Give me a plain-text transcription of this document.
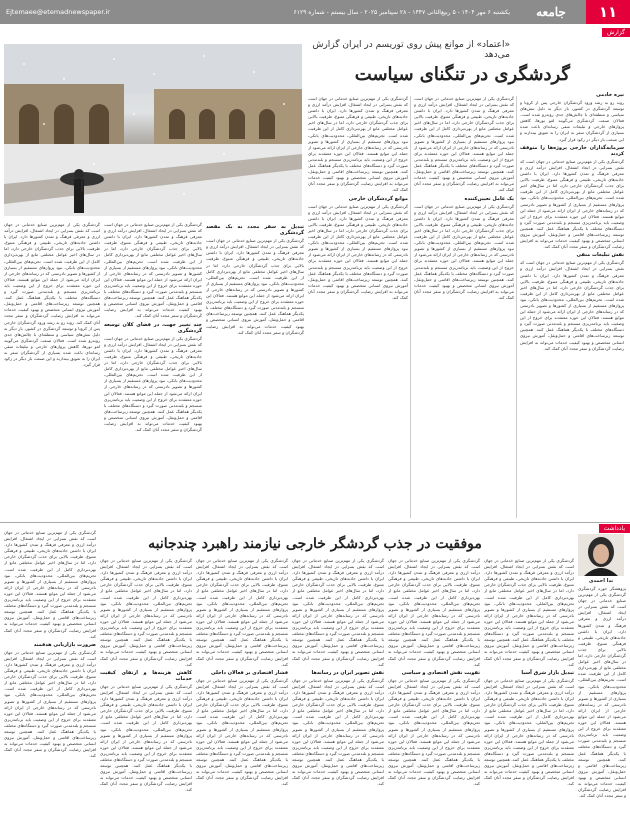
۱۱
جامعه
یکشنبه ۶ مهر ۱۴۰۴ - ۵ ربیع‌الثانی ۱۴۴۷ - ۲۸ سپتامبر ۲۰۲۵ - سال بیستم - شماره ۶۱۲۹
Ejtemaee@etemadnewspaper.ir
گزارش
«اعتماد» از موانع پیش روی توریسم در ایران گزارش می‌دهد
گردشگری در تنگنای سیاست
نیره خادمی
روند رو به رشد ورود گردشگران خارجی پس از کرونا و توسعه گردشگری در کشور، بار دیگر به دلیل تنش‌های سیاسی و منطقه‌ای با چالش‌های جدی روبه‌رو شده است. فعالان صنعت گردشگری می‌گویند لغو تورها، کاهش پروازهای خارجی و تبلیغات منفی رسانه‌ای باعث شده بسیاری از گردشگران سفر به ایران را به تعویق بیندازند و این صنعت بار دیگر در رکود قرار گیرد.
سرمایه‌گذاران خارجی پروژه‌ها را متوقف کردند
گردشگری یکی از مهم‌ترین صنایع خدماتی در جهان است که نقش بسزایی در ایجاد اشتغال، افزایش درآمد ارزی و معرفی فرهنگ و تمدن کشورها دارد. ایران با داشتن جاذبه‌های تاریخی، طبیعی و فرهنگی متنوع، ظرفیت بالایی برای جذب گردشگران خارجی دارد، اما در سال‌های اخیر عوامل مختلفی مانع از بهره‌برداری کامل از این ظرفیت شده است. تحریم‌های بین‌المللی، محدودیت‌های بانکی، نبود پروازهای مستقیم از بسیاری از کشورها و تصویر نادرستی که در رسانه‌های خارجی از ایران ارائه می‌شود از جمله این موانع هستند. فعالان این حوزه معتقدند برای خروج از این وضعیت باید برنامه‌ریزی منسجم و بلندمدتی صورت گیرد و دستگاه‌های مختلف با یکدیگر هماهنگ عمل کنند. همچنین توسعه زیرساخت‌های اقامتی و حمل‌ونقل، آموزش نیروی انسانی متخصص و بهبود کیفیت خدمات می‌تواند به افزایش رضایت گردشگران و سفر مجدد آنان کمک کند.
نقش تبلیغات منفی
گردشگری یکی از مهم‌ترین صنایع خدماتی در جهان است که نقش بسزایی در ایجاد اشتغال، افزایش درآمد ارزی و معرفی فرهنگ و تمدن کشورها دارد. ایران با داشتن جاذبه‌های تاریخی، طبیعی و فرهنگی متنوع، ظرفیت بالایی برای جذب گردشگران خارجی دارد، اما در سال‌های اخیر عوامل مختلفی مانع از بهره‌برداری کامل از این ظرفیت شده است. تحریم‌های بین‌المللی، محدودیت‌های بانکی، نبود پروازهای مستقیم از بسیاری از کشورها و تصویر نادرستی که در رسانه‌های خارجی از ایران ارائه می‌شود از جمله این موانع هستند. فعالان این حوزه معتقدند برای خروج از این وضعیت باید برنامه‌ریزی منسجم و بلندمدتی صورت گیرد و دستگاه‌های مختلف با یکدیگر هماهنگ عمل کنند. همچنین توسعه زیرساخت‌های اقامتی و حمل‌ونقل، آموزش نیروی انسانی متخصص و بهبود کیفیت خدمات می‌تواند به افزایش رضایت گردشگران و سفر مجدد آنان کمک کند.
گردشگری یکی از مهم‌ترین صنایع خدماتی در جهان است که نقش بسزایی در ایجاد اشتغال، افزایش درآمد ارزی و معرفی فرهنگ و تمدن کشورها دارد. ایران با داشتن جاذبه‌های تاریخی، طبیعی و فرهنگی متنوع، ظرفیت بالایی برای جذب گردشگران خارجی دارد، اما در سال‌های اخیر عوامل مختلفی مانع از بهره‌برداری کامل از این ظرفیت شده است. تحریم‌های بین‌المللی، محدودیت‌های بانکی، نبود پروازهای مستقیم از بسیاری از کشورها و تصویر نادرستی که در رسانه‌های خارجی از ایران ارائه می‌شود از جمله این موانع هستند. فعالان این حوزه معتقدند برای خروج از این وضعیت باید برنامه‌ریزی منسجم و بلندمدتی صورت گیرد و دستگاه‌های مختلف با یکدیگر هماهنگ عمل کنند. همچنین توسعه زیرساخت‌های اقامتی و حمل‌ونقل، آموزش نیروی انسانی متخصص و بهبود کیفیت خدمات می‌تواند به افزایش رضایت گردشگران و سفر مجدد آنان کمک کند.
یک عامل تعیین‌کننده
گردشگری یکی از مهم‌ترین صنایع خدماتی در جهان است که نقش بسزایی در ایجاد اشتغال، افزایش درآمد ارزی و معرفی فرهنگ و تمدن کشورها دارد. ایران با داشتن جاذبه‌های تاریخی، طبیعی و فرهنگی متنوع، ظرفیت بالایی برای جذب گردشگران خارجی دارد، اما در سال‌های اخیر عوامل مختلفی مانع از بهره‌برداری کامل از این ظرفیت شده است. تحریم‌های بین‌المللی، محدودیت‌های بانکی، نبود پروازهای مستقیم از بسیاری از کشورها و تصویر نادرستی که در رسانه‌های خارجی از ایران ارائه می‌شود از جمله این موانع هستند. فعالان این حوزه معتقدند برای خروج از این وضعیت باید برنامه‌ریزی منسجم و بلندمدتی صورت گیرد و دستگاه‌های مختلف با یکدیگر هماهنگ عمل کنند. همچنین توسعه زیرساخت‌های اقامتی و حمل‌ونقل، آموزش نیروی انسانی متخصص و بهبود کیفیت خدمات می‌تواند به افزایش رضایت گردشگران و سفر مجدد آنان کمک کند.
گردشگری یکی از مهم‌ترین صنایع خدماتی در جهان است که نقش بسزایی در ایجاد اشتغال، افزایش درآمد ارزی و معرفی فرهنگ و تمدن کشورها دارد. ایران با داشتن جاذبه‌های تاریخی، طبیعی و فرهنگی متنوع، ظرفیت بالایی برای جذب گردشگران خارجی دارد، اما در سال‌های اخیر عوامل مختلفی مانع از بهره‌برداری کامل از این ظرفیت شده است. تحریم‌های بین‌المللی، محدودیت‌های بانکی، نبود پروازهای مستقیم از بسیاری از کشورها و تصویر نادرستی که در رسانه‌های خارجی از ایران ارائه می‌شود از جمله این موانع هستند. فعالان این حوزه معتقدند برای خروج از این وضعیت باید برنامه‌ریزی منسجم و بلندمدتی صورت گیرد و دستگاه‌های مختلف با یکدیگر هماهنگ عمل کنند. همچنین توسعه زیرساخت‌های اقامتی و حمل‌ونقل، آموزش نیروی انسانی متخصص و بهبود کیفیت خدمات می‌تواند به افزایش رضایت گردشگران و سفر مجدد آنان کمک کند.
موانع گردشگران خارجی
گردشگری یکی از مهم‌ترین صنایع خدماتی در جهان است که نقش بسزایی در ایجاد اشتغال، افزایش درآمد ارزی و معرفی فرهنگ و تمدن کشورها دارد. ایران با داشتن جاذبه‌های تاریخی، طبیعی و فرهنگی متنوع، ظرفیت بالایی برای جذب گردشگران خارجی دارد، اما در سال‌های اخیر عوامل مختلفی مانع از بهره‌برداری کامل از این ظرفیت شده است. تحریم‌های بین‌المللی، محدودیت‌های بانکی، نبود پروازهای مستقیم از بسیاری از کشورها و تصویر نادرستی که در رسانه‌های خارجی از ایران ارائه می‌شود از جمله این موانع هستند. فعالان این حوزه معتقدند برای خروج از این وضعیت باید برنامه‌ریزی منسجم و بلندمدتی صورت گیرد و دستگاه‌های مختلف با یکدیگر هماهنگ عمل کنند. همچنین توسعه زیرساخت‌های اقامتی و حمل‌ونقل، آموزش نیروی انسانی متخصص و بهبود کیفیت خدمات می‌تواند به افزایش رضایت گردشگران و سفر مجدد آنان کمک کند.
تبدیل به سفر مجدد به یک مقصد گردشگری
گردشگری یکی از مهم‌ترین صنایع خدماتی در جهان است که نقش بسزایی در ایجاد اشتغال، افزایش درآمد ارزی و معرفی فرهنگ و تمدن کشورها دارد. ایران با داشتن جاذبه‌های تاریخی، طبیعی و فرهنگی متنوع، ظرفیت بالایی برای جذب گردشگران خارجی دارد، اما در سال‌های اخیر عوامل مختلفی مانع از بهره‌برداری کامل از این ظرفیت شده است. تحریم‌های بین‌المللی، محدودیت‌های بانکی، نبود پروازهای مستقیم از بسیاری از کشورها و تصویر نادرستی که در رسانه‌های خارجی از ایران ارائه می‌شود از جمله این موانع هستند. فعالان این حوزه معتقدند برای خروج از این وضعیت باید برنامه‌ریزی منسجم و بلندمدتی صورت گیرد و دستگاه‌های مختلف با یکدیگر هماهنگ عمل کنند. همچنین توسعه زیرساخت‌های اقامتی و حمل‌ونقل، آموزش نیروی انسانی متخصص و بهبود کیفیت خدمات می‌تواند به افزایش رضایت گردشگران و سفر مجدد آنان کمک کند.
گردشگری یکی از مهم‌ترین صنایع خدماتی در جهان است که نقش بسزایی در ایجاد اشتغال، افزایش درآمد ارزی و معرفی فرهنگ و تمدن کشورها دارد. ایران با داشتن جاذبه‌های تاریخی، طبیعی و فرهنگی متنوع، ظرفیت بالایی برای جذب گردشگران خارجی دارد، اما در سال‌های اخیر عوامل مختلفی مانع از بهره‌برداری کامل از این ظرفیت شده است. تحریم‌های بین‌المللی، محدودیت‌های بانکی، نبود پروازهای مستقیم از بسیاری از کشورها و تصویر نادرستی که در رسانه‌های خارجی از ایران ارائه می‌شود از جمله این موانع هستند. فعالان این حوزه معتقدند برای خروج از این وضعیت باید برنامه‌ریزی منسجم و بلندمدتی صورت گیرد و دستگاه‌های مختلف با یکدیگر هماهنگ عمل کنند. همچنین توسعه زیرساخت‌های اقامتی و حمل‌ونقل، آموزش نیروی انسانی متخصص و بهبود کیفیت خدمات می‌تواند به افزایش رضایت گردشگران و سفر مجدد آنان کمک کند.
چند تغییر جهت، در فضای کلان توسعه گردشگری
گردشگری یکی از مهم‌ترین صنایع خدماتی در جهان است که نقش بسزایی در ایجاد اشتغال، افزایش درآمد ارزی و معرفی فرهنگ و تمدن کشورها دارد. ایران با داشتن جاذبه‌های تاریخی، طبیعی و فرهنگی متنوع، ظرفیت بالایی برای جذب گردشگران خارجی دارد، اما در سال‌های اخیر عوامل مختلفی مانع از بهره‌برداری کامل از این ظرفیت شده است. تحریم‌های بین‌المللی، محدودیت‌های بانکی، نبود پروازهای مستقیم از بسیاری از کشورها و تصویر نادرستی که در رسانه‌های خارجی از ایران ارائه می‌شود از جمله این موانع هستند. فعالان این حوزه معتقدند برای خروج از این وضعیت باید برنامه‌ریزی منسجم و بلندمدتی صورت گیرد و دستگاه‌های مختلف با یکدیگر هماهنگ عمل کنند. همچنین توسعه زیرساخت‌های اقامتی و حمل‌ونقل، آموزش نیروی انسانی متخصص و بهبود کیفیت خدمات می‌تواند به افزایش رضایت گردشگران و سفر مجدد آنان کمک کند.
گردشگری یکی از مهم‌ترین صنایع خدماتی در جهان است که نقش بسزایی در ایجاد اشتغال، افزایش درآمد ارزی و معرفی فرهنگ و تمدن کشورها دارد. ایران با داشتن جاذبه‌های تاریخی، طبیعی و فرهنگی متنوع، ظرفیت بالایی برای جذب گردشگران خارجی دارد، اما در سال‌های اخیر عوامل مختلفی مانع از بهره‌برداری کامل از این ظرفیت شده است. تحریم‌های بین‌المللی، محدودیت‌های بانکی، نبود پروازهای مستقیم از بسیاری از کشورها و تصویر نادرستی که در رسانه‌های خارجی از ایران ارائه می‌شود از جمله این موانع هستند. فعالان این حوزه معتقدند برای خروج از این وضعیت باید برنامه‌ریزی منسجم و بلندمدتی صورت گیرد و دستگاه‌های مختلف با یکدیگر هماهنگ عمل کنند. همچنین توسعه زیرساخت‌های اقامتی و حمل‌ونقل، آموزش نیروی انسانی متخصص و بهبود کیفیت خدمات می‌تواند به افزایش رضایت گردشگران و سفر مجدد آنان کمک کند. روند رو به رشد ورود گردشگران خارجی پس از کرونا و توسعه گردشگری در کشور، بار دیگر به دلیل تنش‌های سیاسی و منطقه‌ای با چالش‌های جدی روبه‌رو شده است. فعالان صنعت گردشگری می‌گویند لغو تورها، کاهش پروازهای خارجی و تبلیغات منفی رسانه‌ای باعث شده بسیاری از گردشگران سفر به ایران را به تعویق بیندازند و این صنعت بار دیگر در رکود قرار گیرد.
یادداشت
موفقیت در جذب گردشگر خارجی نیازمند راهبرد چندجانبه
ندا احمدی
پژوهشگر حوزه گردشگری گردشگری یکی از مهم‌ترین صنایع خدماتی در جهان است که نقش بسزایی در ایجاد اشتغال، افزایش درآمد ارزی و معرفی فرهنگ و تمدن کشورها دارد. ایران با داشتن جاذبه‌های تاریخی، طبیعی و فرهنگی متنوع، ظرفیت بالایی برای جذب گردشگران خارجی دارد، اما در سال‌های اخیر عوامل مختلفی مانع از بهره‌برداری کامل از این ظرفیت شده است. تحریم‌های بین‌المللی، محدودیت‌های بانکی، نبود پروازهای مستقیم از بسیاری از کشورها و تصویر نادرستی که در رسانه‌های خارجی از ایران ارائه می‌شود از جمله این موانع هستند. فعالان این حوزه معتقدند برای خروج از این وضعیت باید برنامه‌ریزی منسجم و بلندمدتی صورت گیرد و دستگاه‌های مختلف با یکدیگر هماهنگ عمل کنند. همچنین توسعه زیرساخت‌های اقامتی و حمل‌ونقل، آموزش نیروی انسانی متخصص و بهبود کیفیت خدمات می‌تواند به افزایش رضایت گردشگران و سفر مجدد آنان کمک کند.
گردشگری یکی از مهم‌ترین صنایع خدماتی در جهان است که نقش بسزایی در ایجاد اشتغال، افزایش درآمد ارزی و معرفی فرهنگ و تمدن کشورها دارد. ایران با داشتن جاذبه‌های تاریخی، طبیعی و فرهنگی متنوع، ظرفیت بالایی برای جذب گردشگران خارجی دارد، اما در سال‌های اخیر عوامل مختلفی مانع از بهره‌برداری کامل از این ظرفیت شده است. تحریم‌های بین‌المللی، محدودیت‌های بانکی، نبود پروازهای مستقیم از بسیاری از کشورها و تصویر نادرستی که در رسانه‌های خارجی از ایران ارائه می‌شود از جمله این موانع هستند. فعالان این حوزه معتقدند برای خروج از این وضعیت باید برنامه‌ریزی منسجم و بلندمدتی صورت گیرد و دستگاه‌های مختلف با یکدیگر هماهنگ عمل کنند. همچنین توسعه زیرساخت‌های اقامتی و حمل‌ونقل، آموزش نیروی انسانی متخصص و بهبود کیفیت خدمات می‌تواند به افزایش رضایت گردشگران و سفر مجدد آنان کمک کند.
تبدیل بازار شرق آسیا
گردشگری یکی از مهم‌ترین صنایع خدماتی در جهان است که نقش بسزایی در ایجاد اشتغال، افزایش درآمد ارزی و معرفی فرهنگ و تمدن کشورها دارد. ایران با داشتن جاذبه‌های تاریخی، طبیعی و فرهنگی متنوع، ظرفیت بالایی برای جذب گردشگران خارجی دارد، اما در سال‌های اخیر عوامل مختلفی مانع از بهره‌برداری کامل از این ظرفیت شده است. تحریم‌های بین‌المللی، محدودیت‌های بانکی، نبود پروازهای مستقیم از بسیاری از کشورها و تصویر نادرستی که در رسانه‌های خارجی از ایران ارائه می‌شود از جمله این موانع هستند. فعالان این حوزه معتقدند برای خروج از این وضعیت باید برنامه‌ریزی منسجم و بلندمدتی صورت گیرد و دستگاه‌های مختلف با یکدیگر هماهنگ عمل کنند. همچنین توسعه زیرساخت‌های اقامتی و حمل‌ونقل، آموزش نیروی انسانی متخصص و بهبود کیفیت خدمات می‌تواند به افزایش رضایت گردشگران و سفر مجدد آنان کمک کند.
گردشگری یکی از مهم‌ترین صنایع خدماتی در جهان است که نقش بسزایی در ایجاد اشتغال، افزایش درآمد ارزی و معرفی فرهنگ و تمدن کشورها دارد. ایران با داشتن جاذبه‌های تاریخی، طبیعی و فرهنگی متنوع، ظرفیت بالایی برای جذب گردشگران خارجی دارد، اما در سال‌های اخیر عوامل مختلفی مانع از بهره‌برداری کامل از این ظرفیت شده است. تحریم‌های بین‌المللی، محدودیت‌های بانکی، نبود پروازهای مستقیم از بسیاری از کشورها و تصویر نادرستی که در رسانه‌های خارجی از ایران ارائه می‌شود از جمله این موانع هستند. فعالان این حوزه معتقدند برای خروج از این وضعیت باید برنامه‌ریزی منسجم و بلندمدتی صورت گیرد و دستگاه‌های مختلف با یکدیگر هماهنگ عمل کنند. همچنین توسعه زیرساخت‌های اقامتی و حمل‌ونقل، آموزش نیروی انسانی متخصص و بهبود کیفیت خدمات می‌تواند به افزایش رضایت گردشگران و سفر مجدد آنان کمک کند.
تقویت نقش اقتصادی و سیاسی
گردشگری یکی از مهم‌ترین صنایع خدماتی در جهان است که نقش بسزایی در ایجاد اشتغال، افزایش درآمد ارزی و معرفی فرهنگ و تمدن کشورها دارد. ایران با داشتن جاذبه‌های تاریخی، طبیعی و فرهنگی متنوع، ظرفیت بالایی برای جذب گردشگران خارجی دارد، اما در سال‌های اخیر عوامل مختلفی مانع از بهره‌برداری کامل از این ظرفیت شده است. تحریم‌های بین‌المللی، محدودیت‌های بانکی، نبود پروازهای مستقیم از بسیاری از کشورها و تصویر نادرستی که در رسانه‌های خارجی از ایران ارائه می‌شود از جمله این موانع هستند. فعالان این حوزه معتقدند برای خروج از این وضعیت باید برنامه‌ریزی منسجم و بلندمدتی صورت گیرد و دستگاه‌های مختلف با یکدیگر هماهنگ عمل کنند. همچنین توسعه زیرساخت‌های اقامتی و حمل‌ونقل، آموزش نیروی انسانی متخصص و بهبود کیفیت خدمات می‌تواند به افزایش رضایت گردشگران و سفر مجدد آنان کمک کند.
گردشگری یکی از مهم‌ترین صنایع خدماتی در جهان است که نقش بسزایی در ایجاد اشتغال، افزایش درآمد ارزی و معرفی فرهنگ و تمدن کشورها دارد. ایران با داشتن جاذبه‌های تاریخی، طبیعی و فرهنگی متنوع، ظرفیت بالایی برای جذب گردشگران خارجی دارد، اما در سال‌های اخیر عوامل مختلفی مانع از بهره‌برداری کامل از این ظرفیت شده است. تحریم‌های بین‌المللی، محدودیت‌های بانکی، نبود پروازهای مستقیم از بسیاری از کشورها و تصویر نادرستی که در رسانه‌های خارجی از ایران ارائه می‌شود از جمله این موانع هستند. فعالان این حوزه معتقدند برای خروج از این وضعیت باید برنامه‌ریزی منسجم و بلندمدتی صورت گیرد و دستگاه‌های مختلف با یکدیگر هماهنگ عمل کنند. همچنین توسعه زیرساخت‌های اقامتی و حمل‌ونقل، آموزش نیروی انسانی متخصص و بهبود کیفیت خدمات می‌تواند به افزایش رضایت گردشگران و سفر مجدد آنان کمک کند.
نقش تصویر ایران در رسانه‌ها
گردشگری یکی از مهم‌ترین صنایع خدماتی در جهان است که نقش بسزایی در ایجاد اشتغال، افزایش درآمد ارزی و معرفی فرهنگ و تمدن کشورها دارد. ایران با داشتن جاذبه‌های تاریخی، طبیعی و فرهنگی متنوع، ظرفیت بالایی برای جذب گردشگران خارجی دارد، اما در سال‌های اخیر عوامل مختلفی مانع از بهره‌برداری کامل از این ظرفیت شده است. تحریم‌های بین‌المللی، محدودیت‌های بانکی، نبود پروازهای مستقیم از بسیاری از کشورها و تصویر نادرستی که در رسانه‌های خارجی از ایران ارائه می‌شود از جمله این موانع هستند. فعالان این حوزه معتقدند برای خروج از این وضعیت باید برنامه‌ریزی منسجم و بلندمدتی صورت گیرد و دستگاه‌های مختلف با یکدیگر هماهنگ عمل کنند. همچنین توسعه زیرساخت‌های اقامتی و حمل‌ونقل، آموزش نیروی انسانی متخصص و بهبود کیفیت خدمات می‌تواند به افزایش رضایت گردشگران و سفر مجدد آنان کمک کند.
گردشگری یکی از مهم‌ترین صنایع خدماتی در جهان است که نقش بسزایی در ایجاد اشتغال، افزایش درآمد ارزی و معرفی فرهنگ و تمدن کشورها دارد. ایران با داشتن جاذبه‌های تاریخی، طبیعی و فرهنگی متنوع، ظرفیت بالایی برای جذب گردشگران خارجی دارد، اما در سال‌های اخیر عوامل مختلفی مانع از بهره‌برداری کامل از این ظرفیت شده است. تحریم‌های بین‌المللی، محدودیت‌های بانکی، نبود پروازهای مستقیم از بسیاری از کشورها و تصویر نادرستی که در رسانه‌های خارجی از ایران ارائه می‌شود از جمله این موانع هستند. فعالان این حوزه معتقدند برای خروج از این وضعیت باید برنامه‌ریزی منسجم و بلندمدتی صورت گیرد و دستگاه‌های مختلف با یکدیگر هماهنگ عمل کنند. همچنین توسعه زیرساخت‌های اقامتی و حمل‌ونقل، آموزش نیروی انسانی متخصص و بهبود کیفیت خدمات می‌تواند به افزایش رضایت گردشگران و سفر مجدد آنان کمک کند.
فشار اقتصادی بر فعالان داخلی
گردشگری یکی از مهم‌ترین صنایع خدماتی در جهان است که نقش بسزایی در ایجاد اشتغال، افزایش درآمد ارزی و معرفی فرهنگ و تمدن کشورها دارد. ایران با داشتن جاذبه‌های تاریخی، طبیعی و فرهنگی متنوع، ظرفیت بالایی برای جذب گردشگران خارجی دارد، اما در سال‌های اخیر عوامل مختلفی مانع از بهره‌برداری کامل از این ظرفیت شده است. تحریم‌های بین‌المللی، محدودیت‌های بانکی، نبود پروازهای مستقیم از بسیاری از کشورها و تصویر نادرستی که در رسانه‌های خارجی از ایران ارائه می‌شود از جمله این موانع هستند. فعالان این حوزه معتقدند برای خروج از این وضعیت باید برنامه‌ریزی منسجم و بلندمدتی صورت گیرد و دستگاه‌های مختلف با یکدیگر هماهنگ عمل کنند. همچنین توسعه زیرساخت‌های اقامتی و حمل‌ونقل، آموزش نیروی انسانی متخصص و بهبود کیفیت خدمات می‌تواند به افزایش رضایت گردشگران و سفر مجدد آنان کمک کند.
گردشگری یکی از مهم‌ترین صنایع خدماتی در جهان است که نقش بسزایی در ایجاد اشتغال، افزایش درآمد ارزی و معرفی فرهنگ و تمدن کشورها دارد. ایران با داشتن جاذبه‌های تاریخی، طبیعی و فرهنگی متنوع، ظرفیت بالایی برای جذب گردشگران خارجی دارد، اما در سال‌های اخیر عوامل مختلفی مانع از بهره‌برداری کامل از این ظرفیت شده است. تحریم‌های بین‌المللی، محدودیت‌های بانکی، نبود پروازهای مستقیم از بسیاری از کشورها و تصویر نادرستی که در رسانه‌های خارجی از ایران ارائه می‌شود از جمله این موانع هستند. فعالان این حوزه معتقدند برای خروج از این وضعیت باید برنامه‌ریزی منسجم و بلندمدتی صورت گیرد و دستگاه‌های مختلف با یکدیگر هماهنگ عمل کنند. همچنین توسعه زیرساخت‌های اقامتی و حمل‌ونقل، آموزش نیروی انسانی متخصص و بهبود کیفیت خدمات می‌تواند به افزایش رضایت گردشگران و سفر مجدد آنان کمک کند.
کاهش هزینه‌ها و ارتقای کیفیت خدمات
گردشگری یکی از مهم‌ترین صنایع خدماتی در جهان است که نقش بسزایی در ایجاد اشتغال، افزایش درآمد ارزی و معرفی فرهنگ و تمدن کشورها دارد. ایران با داشتن جاذبه‌های تاریخی، طبیعی و فرهنگی متنوع، ظرفیت بالایی برای جذب گردشگران خارجی دارد، اما در سال‌های اخیر عوامل مختلفی مانع از بهره‌برداری کامل از این ظرفیت شده است. تحریم‌های بین‌المللی، محدودیت‌های بانکی، نبود پروازهای مستقیم از بسیاری از کشورها و تصویر نادرستی که در رسانه‌های خارجی از ایران ارائه می‌شود از جمله این موانع هستند. فعالان این حوزه معتقدند برای خروج از این وضعیت باید برنامه‌ریزی منسجم و بلندمدتی صورت گیرد و دستگاه‌های مختلف با یکدیگر هماهنگ عمل کنند. همچنین توسعه زیرساخت‌های اقامتی و حمل‌ونقل، آموزش نیروی انسانی متخصص و بهبود کیفیت خدمات می‌تواند به افزایش رضایت گردشگران و سفر مجدد آنان کمک کند.
گردشگری یکی از مهم‌ترین صنایع خدماتی در جهان است که نقش بسزایی در ایجاد اشتغال، افزایش درآمد ارزی و معرفی فرهنگ و تمدن کشورها دارد. ایران با داشتن جاذبه‌های تاریخی، طبیعی و فرهنگی متنوع، ظرفیت بالایی برای جذب گردشگران خارجی دارد، اما در سال‌های اخیر عوامل مختلفی مانع از بهره‌برداری کامل از این ظرفیت شده است. تحریم‌های بین‌المللی، محدودیت‌های بانکی، نبود پروازهای مستقیم از بسیاری از کشورها و تصویر نادرستی که در رسانه‌های خارجی از ایران ارائه می‌شود از جمله این موانع هستند. فعالان این حوزه معتقدند برای خروج از این وضعیت باید برنامه‌ریزی منسجم و بلندمدتی صورت گیرد و دستگاه‌های مختلف با یکدیگر هماهنگ عمل کنند. همچنین توسعه زیرساخت‌های اقامتی و حمل‌ونقل، آموزش نیروی انسانی متخصص و بهبود کیفیت خدمات می‌تواند به افزایش رضایت گردشگران و سفر مجدد آنان کمک کند.
ضرورت بازاریابی هدفمند
گردشگری یکی از مهم‌ترین صنایع خدماتی در جهان است که نقش بسزایی در ایجاد اشتغال، افزایش درآمد ارزی و معرفی فرهنگ و تمدن کشورها دارد. ایران با داشتن جاذبه‌های تاریخی، طبیعی و فرهنگی متنوع، ظرفیت بالایی برای جذب گردشگران خارجی دارد، اما در سال‌های اخیر عوامل مختلفی مانع از بهره‌برداری کامل از این ظرفیت شده است. تحریم‌های بین‌المللی، محدودیت‌های بانکی، نبود پروازهای مستقیم از بسیاری از کشورها و تصویر نادرستی که در رسانه‌های خارجی از ایران ارائه می‌شود از جمله این موانع هستند. فعالان این حوزه معتقدند برای خروج از این وضعیت باید برنامه‌ریزی منسجم و بلندمدتی صورت گیرد و دستگاه‌های مختلف با یکدیگر هماهنگ عمل کنند. همچنین توسعه زیرساخت‌های اقامتی و حمل‌ونقل، آموزش نیروی انسانی متخصص و بهبود کیفیت خدمات می‌تواند به افزایش رضایت گردشگران و سفر مجدد آنان کمک کند.
